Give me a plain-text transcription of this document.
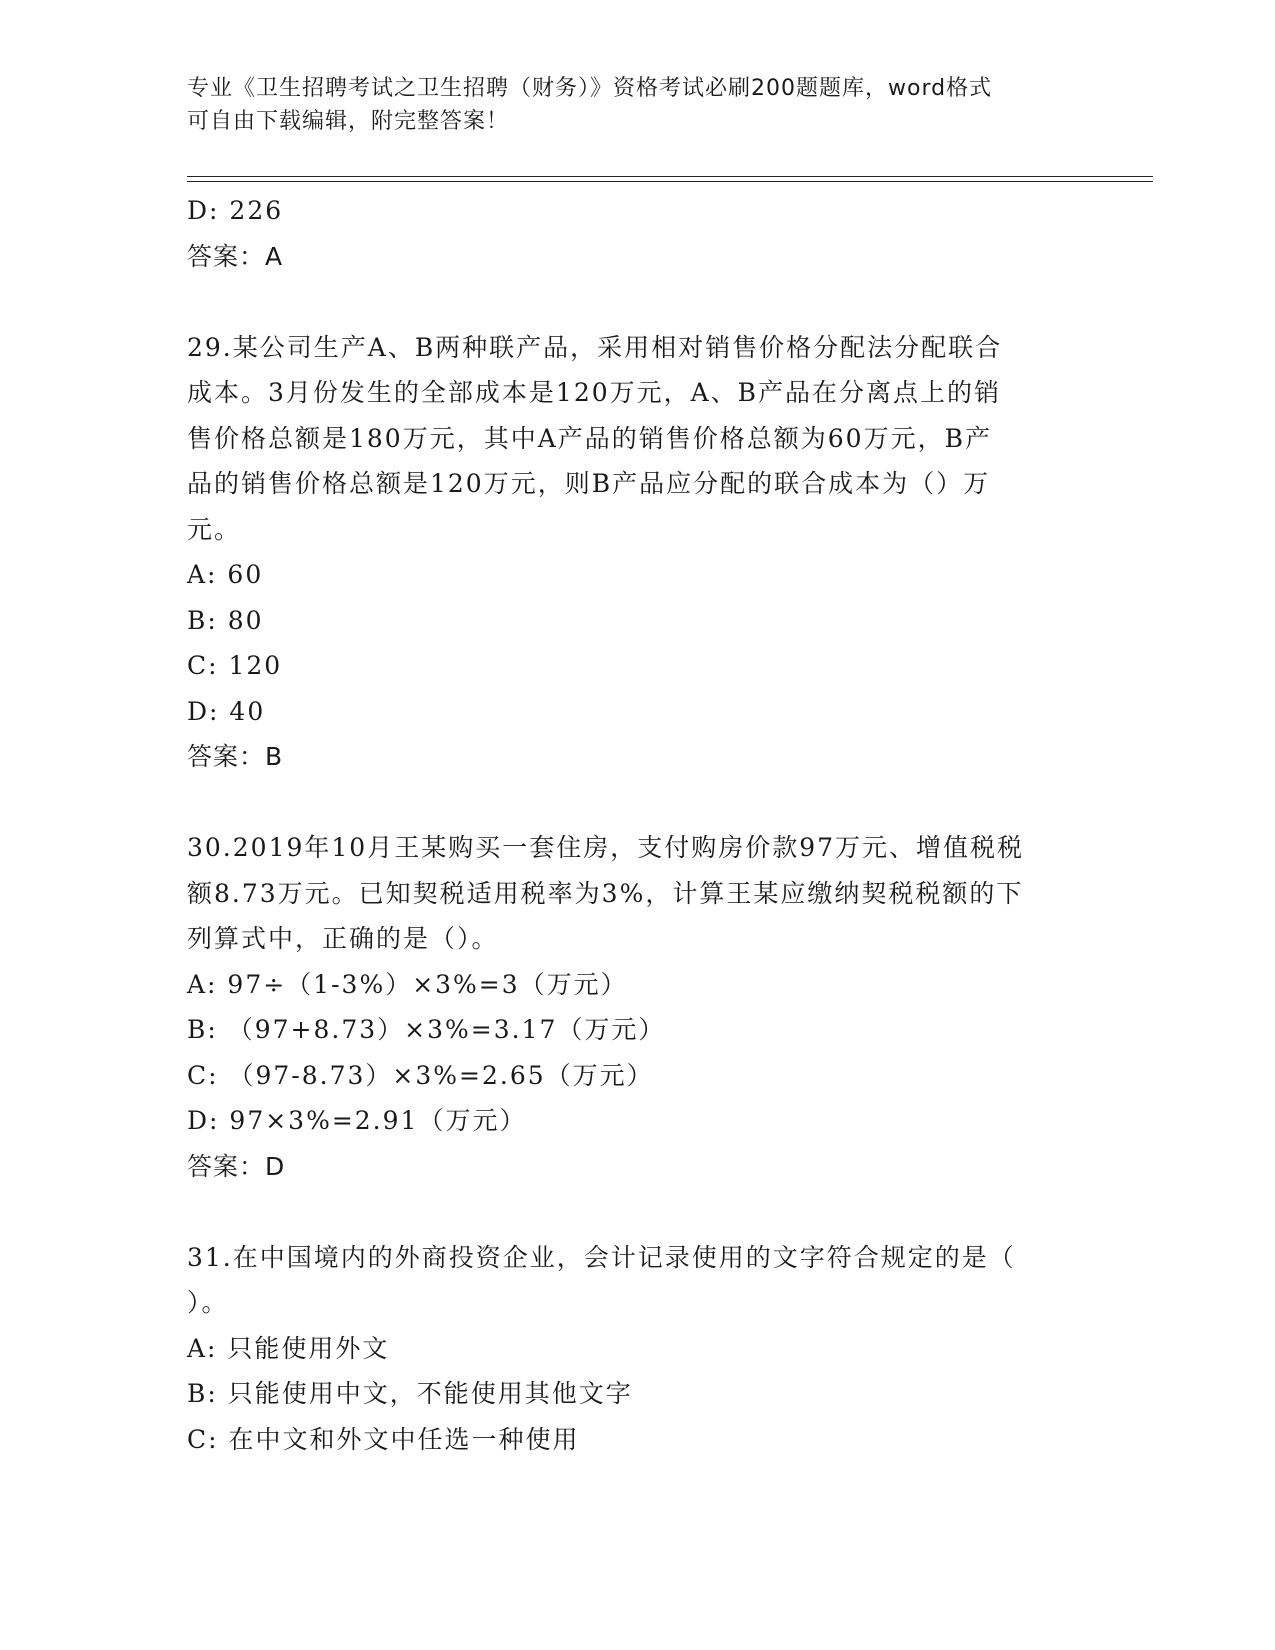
专业《卫生招聘考试之卫生招聘（财务）》资格考试必刷200题题库，word格式
可自由下载编辑，附完整答案！
D: 226
答案：A
29.某公司生产A、B两种联产品，采用相对销售价格分配法分配联合
成本。3月份发生的全部成本是120万元，A、B产品在分离点上的销
售价格总额是180万元，其中A产品的销售价格总额为60万元，B产
品的销售价格总额是120万元，则B产品应分配的联合成本为（）万
元。
A: 60
B: 80
C: 120
D: 40
答案：B
30.2019年10月王某购买一套住房，支付购房价款97万元、增值税税
额8.73万元。已知契税适用税率为3%，计算王某应缴纳契税税额的下
列算式中，正确的是（）。
A: 97÷（1-3%）×3%=3（万元）
B: （97+8.73）×3%=3.17（万元）
C: （97-8.73）×3%=2.65（万元）
D: 97×3%=2.91（万元）
答案：D
31.在中国境内的外商投资企业，会计记录使用的文字符合规定的是（
）。
A: 只能使用外文
B: 只能使用中文，不能使用其他文字
C: 在中文和外文中任选一种使用
